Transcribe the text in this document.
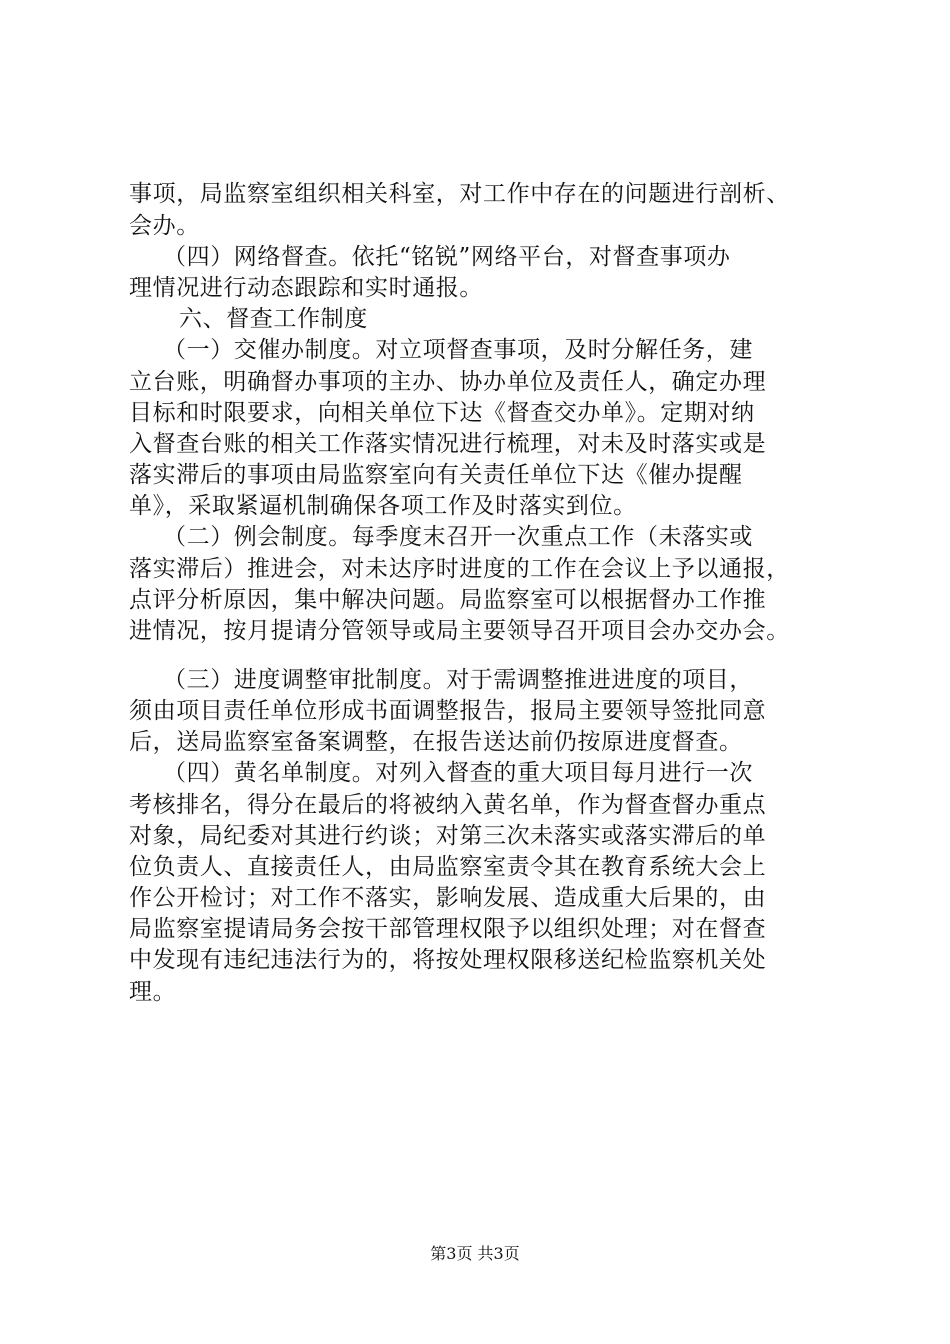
事项，局监察室组织相关科室，对工作中存在的问题进行剖析、
会办。
（四）网络督查。依托“铭锐”网络平台，对督查事项办
理情况进行动态跟踪和实时通报。
六、督查工作制度
（一）交催办制度。对立项督查事项，及时分解任务，建
立台账，明确督办事项的主办、协办单位及责任人，确定办理
目标和时限要求，向相关单位下达《督查交办单》。定期对纳
入督查台账的相关工作落实情况进行梳理，对未及时落实或是
落实滞后的事项由局监察室向有关责任单位下达《催办提醒
单》，采取紧逼机制确保各项工作及时落实到位。
（二）例会制度。每季度末召开一次重点工作（未落实或
落实滞后）推进会，对未达序时进度的工作在会议上予以通报，
点评分析原因，集中解决问题。局监察室可以根据督办工作推
进情况，按月提请分管领导或局主要领导召开项目会办交办会。
（三）进度调整审批制度。对于需调整推进进度的项目，
须由项目责任单位形成书面调整报告，报局主要领导签批同意
后，送局监察室备案调整，在报告送达前仍按原进度督查。
（四）黄名单制度。对列入督查的重大项目每月进行一次
考核排名，得分在最后的将被纳入黄名单，作为督查督办重点
对象，局纪委对其进行约谈；对第三次未落实或落实滞后的单
位负责人、直接责任人，由局监察室责令其在教育系统大会上
作公开检讨；对工作不落实，影响发展、造成重大后果的，由
局监察室提请局务会按干部管理权限予以组织处理；对在督查
中发现有违纪违法行为的，将按处理权限移送纪检监察机关处
理。
第3页 共3页
